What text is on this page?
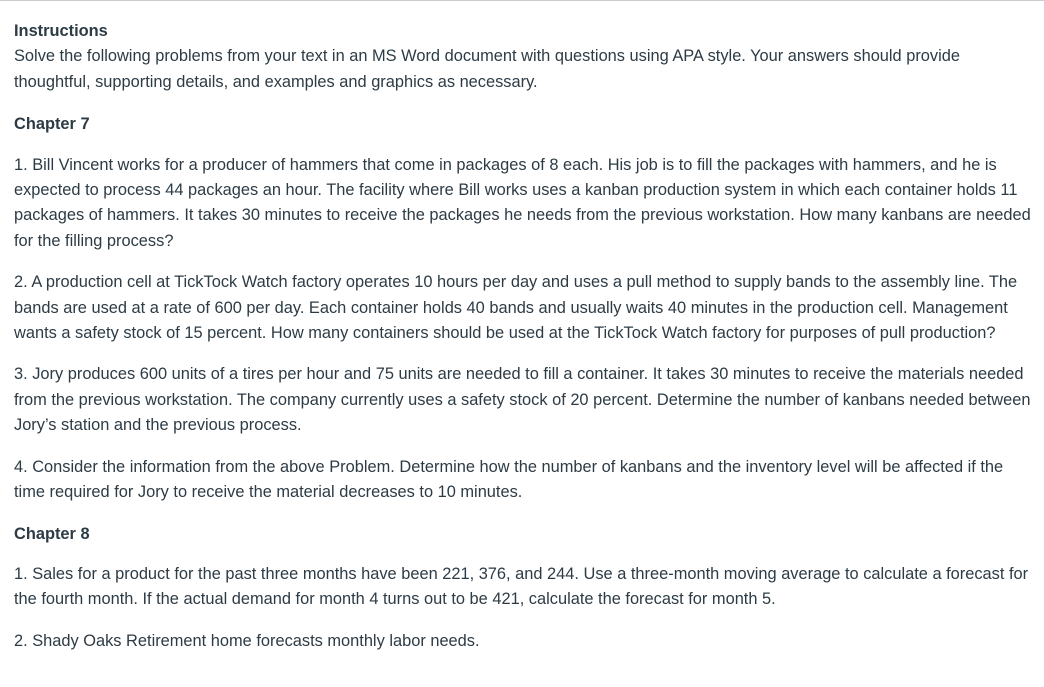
Instructions

Solve the following problems from your text in an MS Word document with questions using APA style. Your answers should provide thoughtful, supporting details, and examples and graphics as necessary.

Chapter 7

1. Bill Vincent works for a producer of hammers that come in packages of 8 each. His job is to fill the packages with hammers, and he is expected to process 44 packages an hour. The facility where Bill works uses a kanban production system in which each container holds 11 packages of hammers. It takes 30 minutes to receive the packages he needs from the previous workstation. How many kanbans are needed for the filling process?

2. A production cell at TickTock Watch factory operates 10 hours per day and uses a pull method to supply bands to the assembly line. The bands are used at a rate of 600 per day. Each container holds 40 bands and usually waits 40 minutes in the production cell. Management wants a safety stock of 15 percent. How many containers should be used at the TickTock Watch factory for purposes of pull production?

3. Jory produces 600 units of a tires per hour and 75 units are needed to fill a container. It takes 30 minutes to receive the materials needed from the previous workstation. The company currently uses a safety stock of 20 percent. Determine the number of kanbans needed between Jory’s station and the previous process.

4. Consider the information from the above Problem. Determine how the number of kanbans and the inventory level will be affected if the time required for Jory to receive the material decreases to 10 minutes.

Chapter 8

1. Sales for a product for the past three months have been 221, 376, and 244. Use a three-month moving average to calculate a forecast for the fourth month. If the actual demand for month 4 turns out to be 421, calculate the forecast for month 5.

2. Shady Oaks Retirement home forecasts monthly labor needs.
